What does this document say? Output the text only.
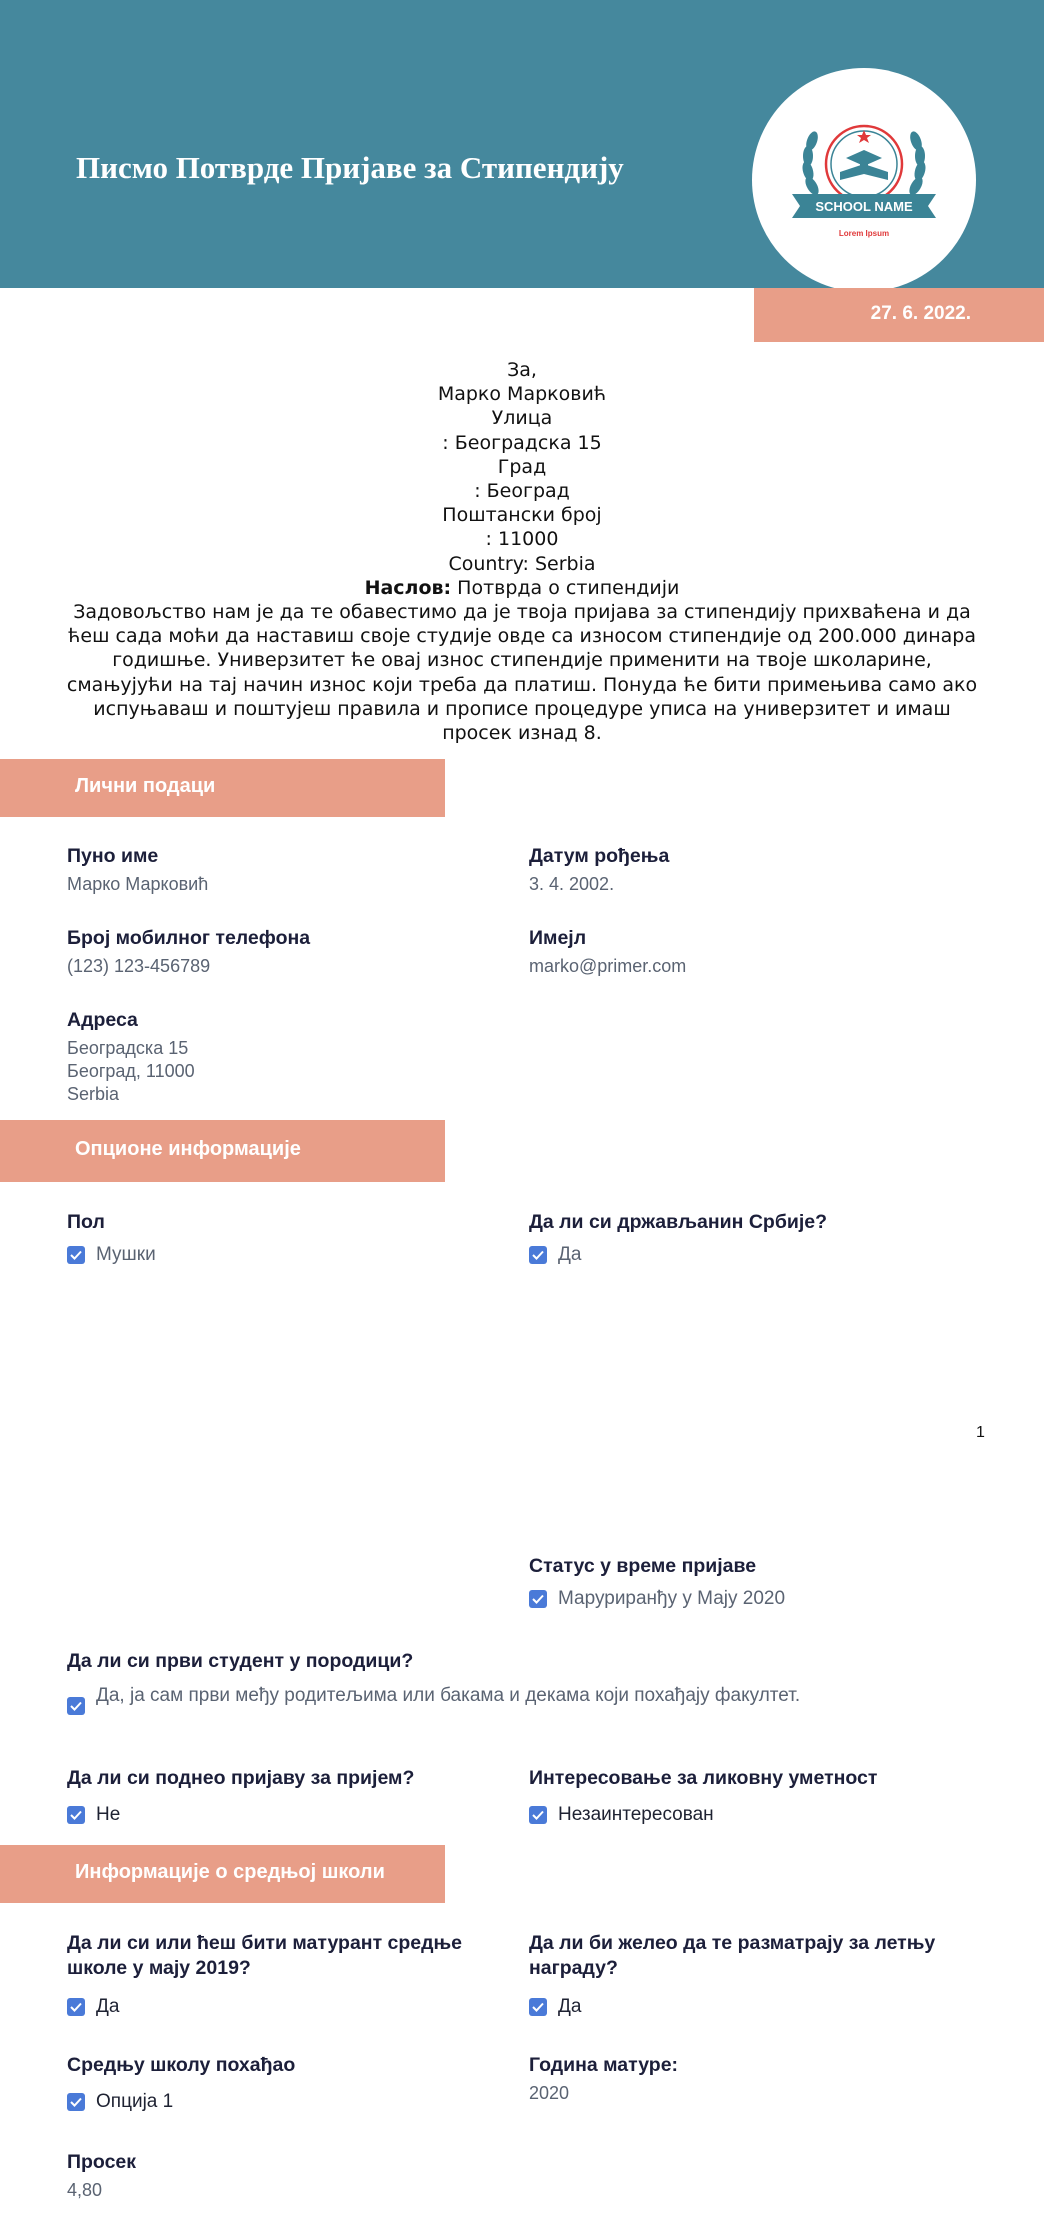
Писмо Потврде Пријаве за Стипендију
SCHOOL NAME
Lorem Ipsum
27. 6. 2022.
За,
Марко Марковић
Улица
: Београдска 15
Град
: Београд
Поштански број
: 11000
Country: Serbia
Наслов: Потврда о стипендији
Задовољство нам је да те обавестимо да је твоја пријава за стипендију прихваћена и да
ћеш сада моћи да наставиш своје студије овде са износом стипендије од 200.000 динара
годишње. Универзитет ће овај износ стипендије применити на твоје школарине,
смањујући на тај начин износ који треба да платиш. Понуда ће бити примењива само ако
испуњаваш и поштујеш правила и прописе процедуре уписа на универзитет и имаш
просек изнад 8.
Лични подаци
Пуно име
Марко Марковић
Датум рођења
3. 4. 2002.
Број мобилног телефона
(123) 123-456789
Имејл
marko@primer.com
Адреса
Београдска 15
Београд, 11000
Serbia
Опционе информације
Пол
Мушки
Да ли си држављанин Србије?
Да
1
Статус у време пријаве
Маруриранђу у Мају 2020
Да ли си први студент у породици?
Да, ја сам први међу родитељима или бакама и декама који похађају факултет.
Да ли си поднео пријаву за пријем?
Не
Интересовање за ликовну уметност
Незаинтересован
Информације о средњој школи
Да ли си или ћеш бити матурант средње
школе у мају 2019?
Да
Да ли би желео да те разматрају за летњу
награду?
Да
Средњу школу похађао
Опција 1
Година матуре:
2020
Просек
4,80
